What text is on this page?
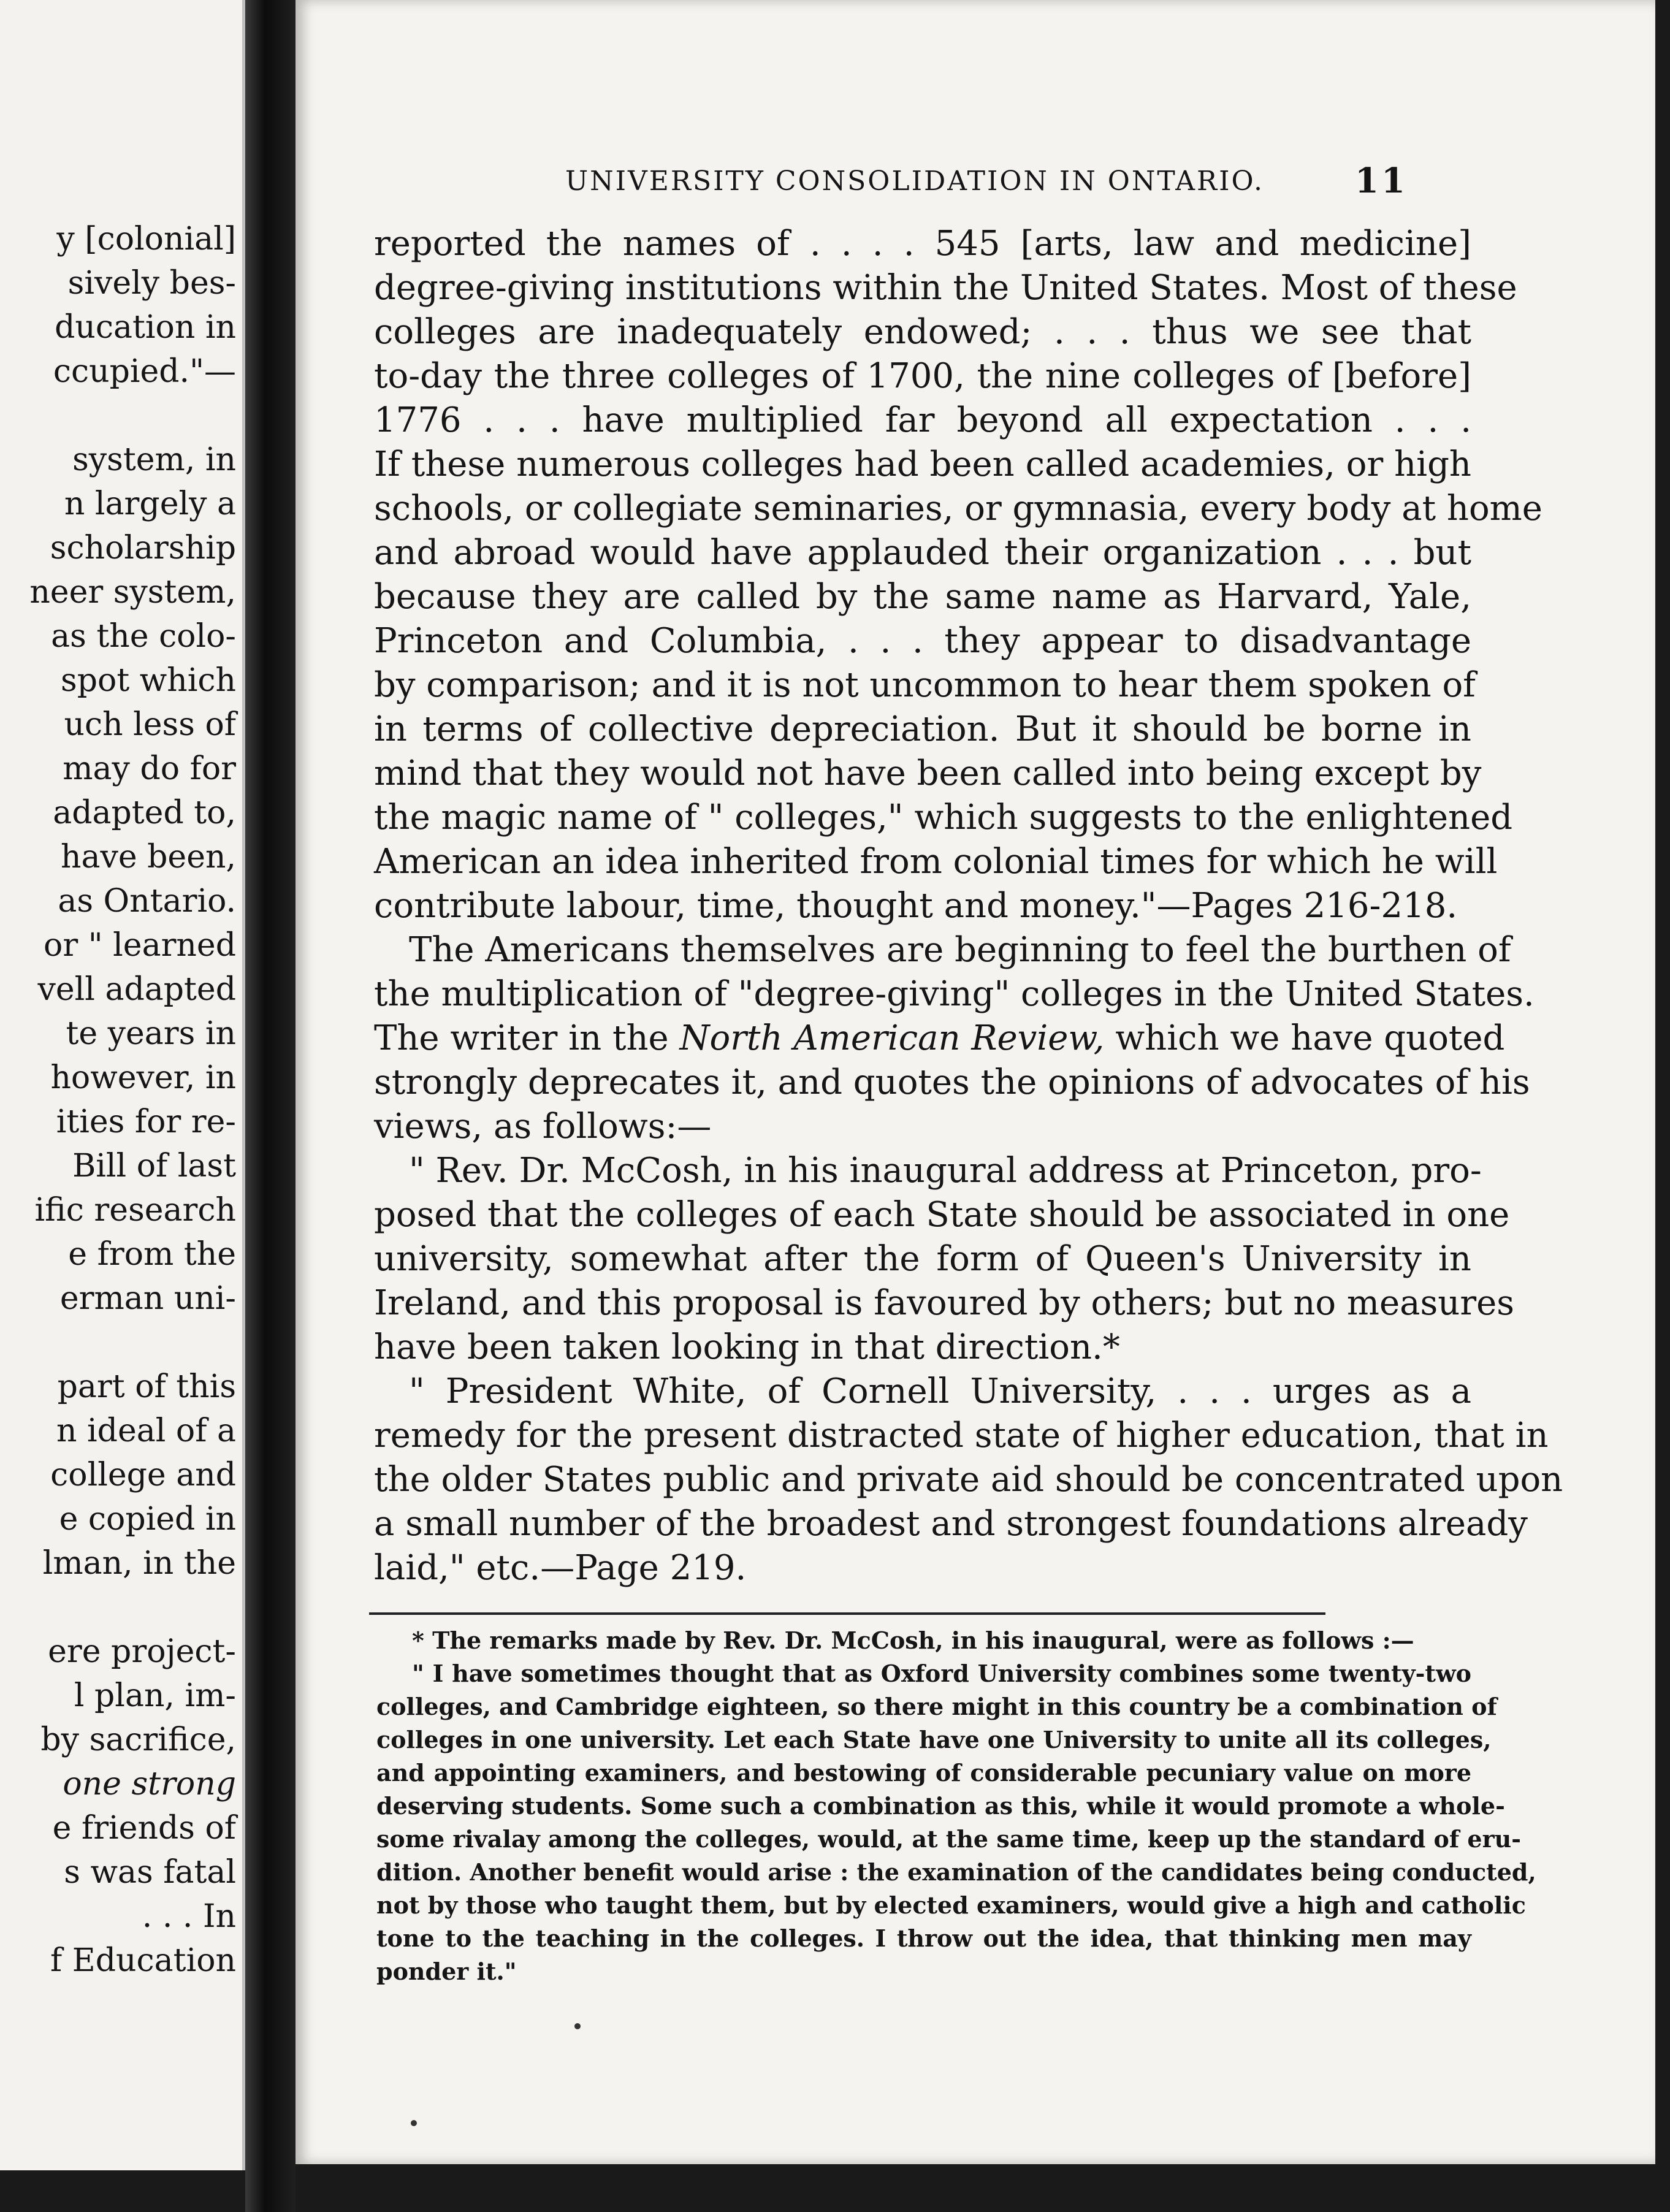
y [colonial]
sively bes-
ducation in
ccupied."—
system, in
n largely a
scholarship
neer system,
as the colo-
spot which
uch less of
may do for
adapted to,
have been,
as Ontario.
or " learned
vell adapted
te years in
however, in
ities for re-
Bill of last
ific research
e from the
erman uni-
part of this
n ideal of a
college and
e copied in
lman, in the
ere project-
l plan, im-
by sacrifice,
one strong
e friends of
s was fatal
. . . In
f Education
UNIVERSITY CONSOLIDATION IN ONTARIO.	11
reported the names of . . . . 545 [arts, law and medicine]
degree-giving institutions within the United States. Most of these
colleges are inadequately endowed; . . . thus we see that
to-day the three colleges of 1700, the nine colleges of [before]
1776 . . . have multiplied far beyond all expectation . . .
If these numerous colleges had been called academies, or high
schools, or collegiate seminaries, or gymnasia, every body at home
and abroad would have applauded their organization . . . but
because they are called by the same name as Harvard, Yale,
Princeton and Columbia, . . . they appear to disadvantage
by comparison; and it is not uncommon to hear them spoken of
in terms of collective depreciation. But it should be borne in
mind that they would not have been called into being except by
the magic name of " colleges," which suggests to the enlightened
American an idea inherited from colonial times for which he will
contribute labour, time, thought and money."—Pages 216-218.
The Americans themselves are beginning to feel the burthen of
the multiplication of "degree-giving" colleges in the United States.
The writer in the North American Review, which we have quoted
strongly deprecates it, and quotes the opinions of advocates of his
views, as follows:—
" Rev. Dr. McCosh, in his inaugural address at Princeton, pro-
posed that the colleges of each State should be associated in one
university, somewhat after the form of Queen's University in
Ireland, and this proposal is favoured by others; but no measures
have been taken looking in that direction.*
" President White, of Cornell University, . . . urges as a
remedy for the present distracted state of higher education, that in
the older States public and private aid should be concentrated upon
a small number of the broadest and strongest foundations already
laid," etc.—Page 219.
* The remarks made by Rev. Dr. McCosh, in his inaugural, were as follows :—
" I have sometimes thought that as Oxford University combines some twenty-two
colleges, and Cambridge eighteen, so there might in this country be a combination of
colleges in one university. Let each State have one University to unite all its colleges,
and appointing examiners, and bestowing of considerable pecuniary value on more
deserving students. Some such a combination as this, while it would promote a whole-
some rivalay among the colleges, would, at the same time, keep up the standard of eru-
dition. Another benefit would arise : the examination of the candidates being conducted,
not by those who taught them, but by elected examiners, would give a high and catholic
tone to the teaching in the colleges. I throw out the idea, that thinking men may
ponder it."
